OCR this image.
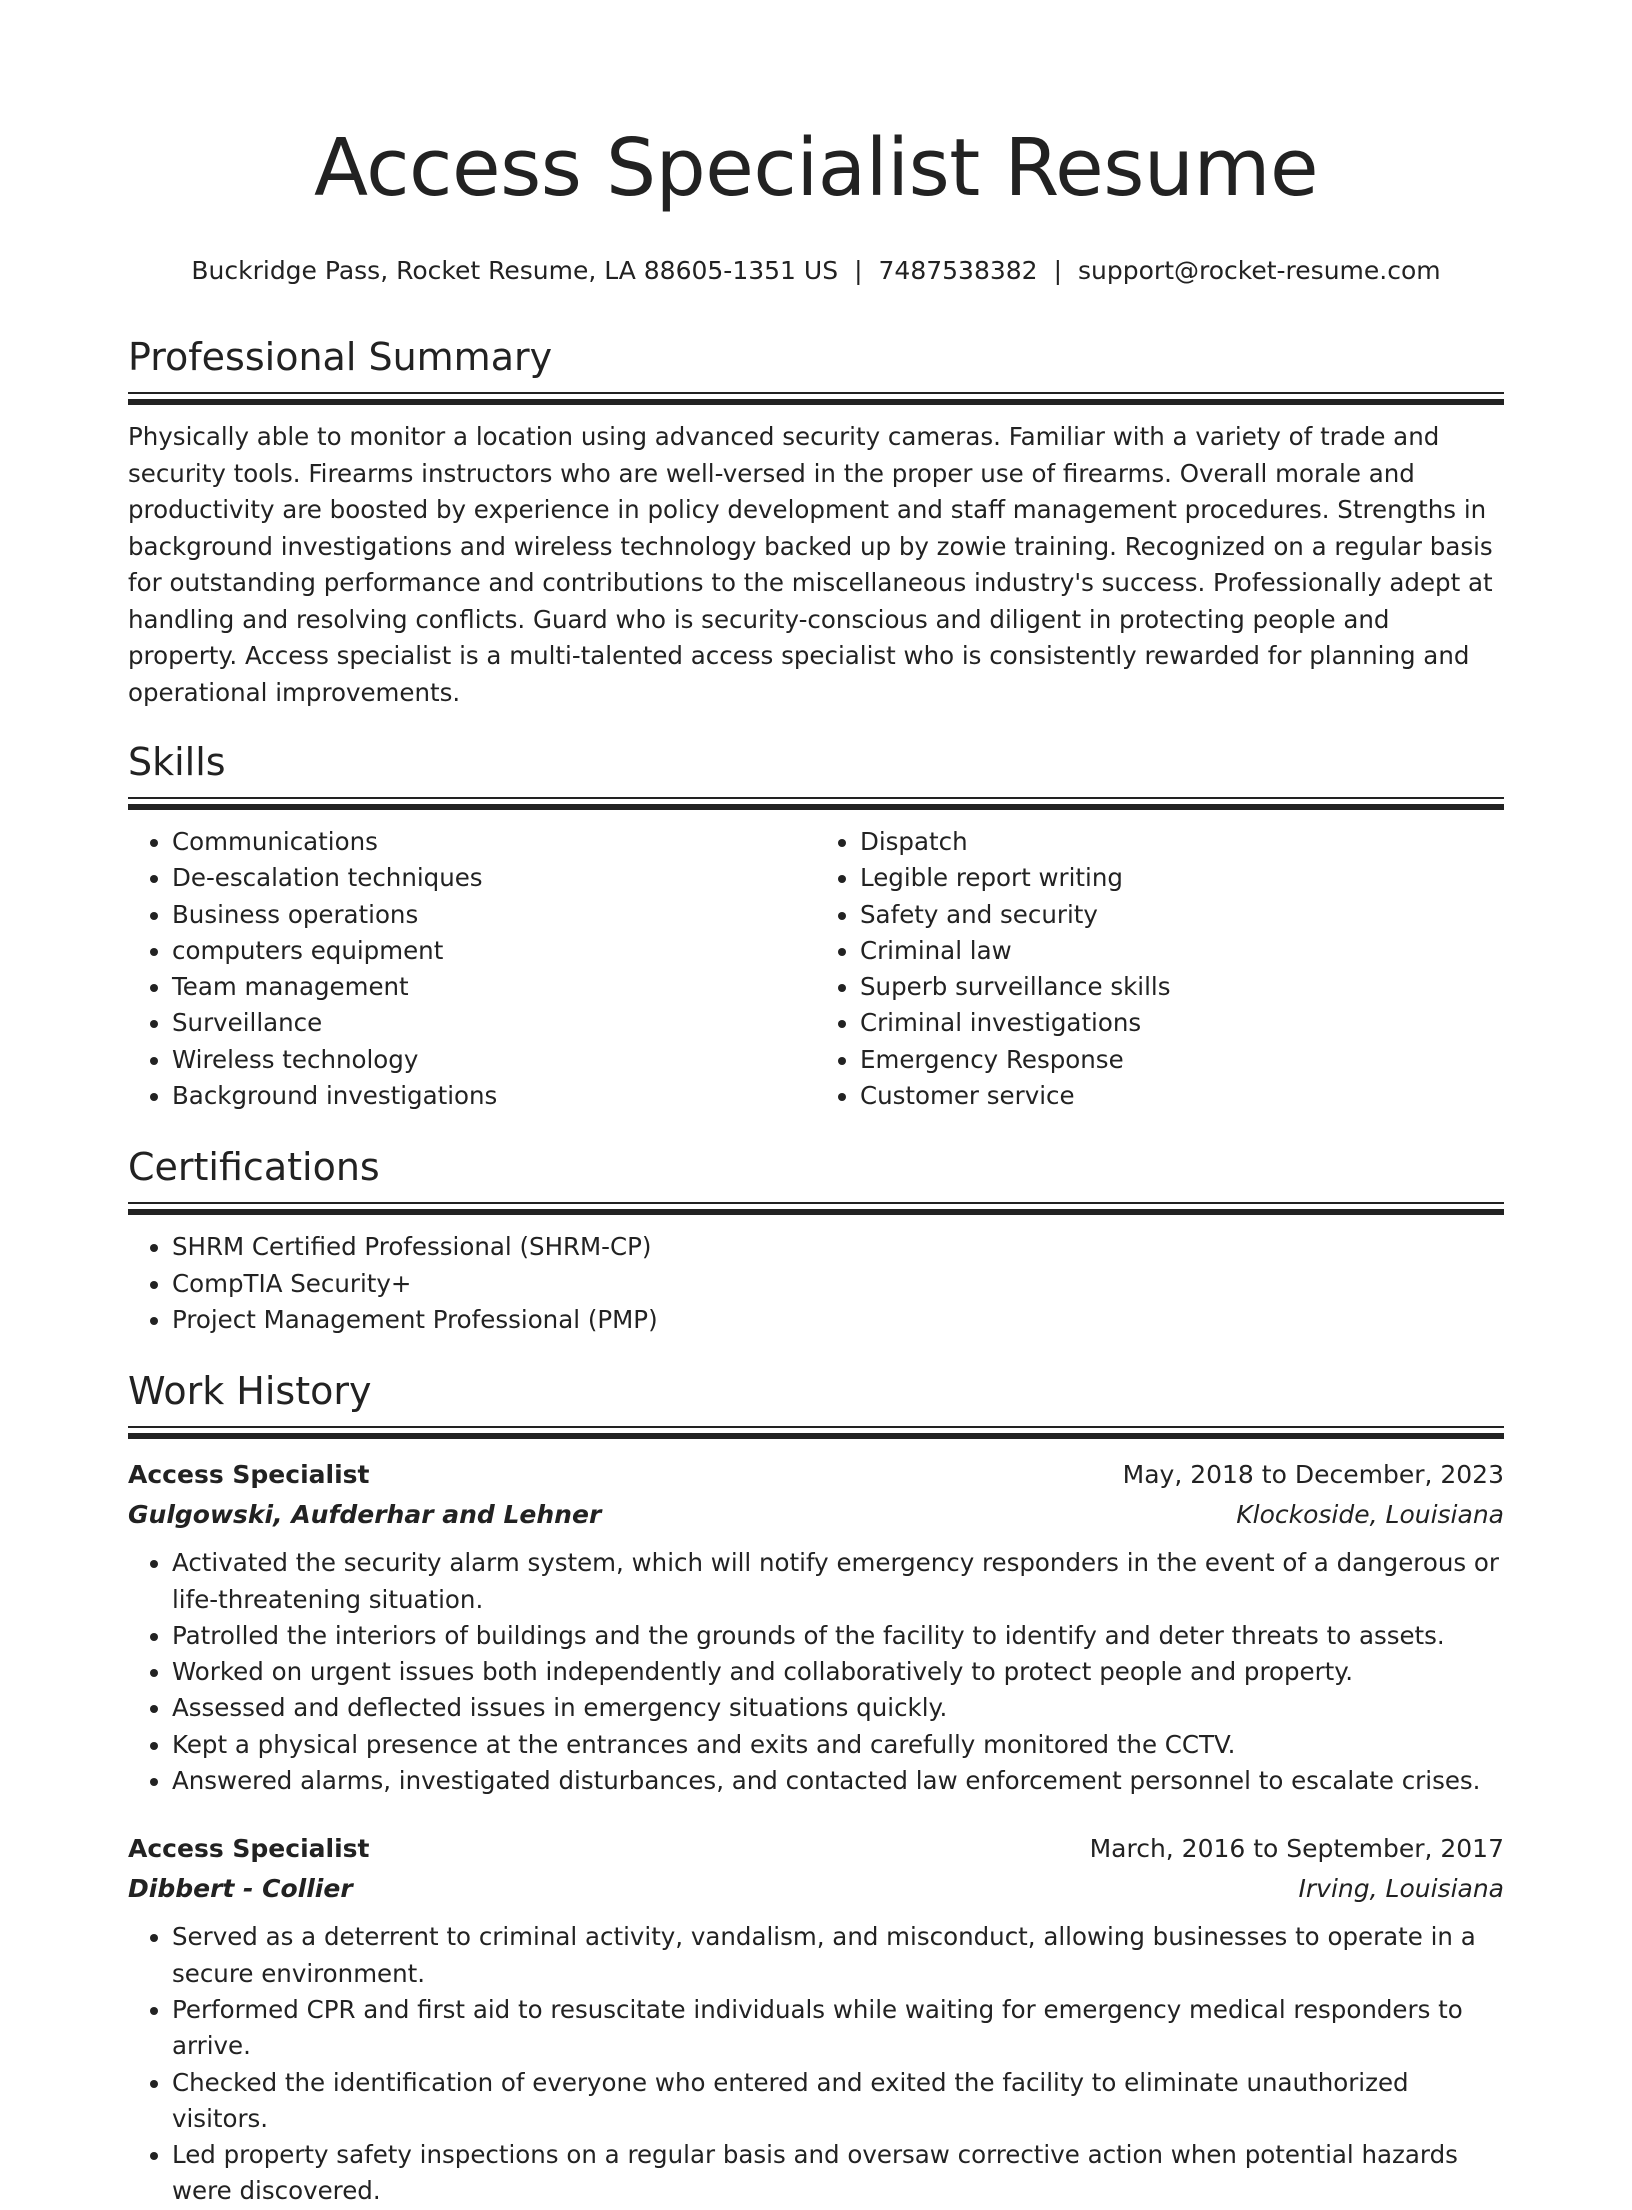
Access Specialist Resume
Buckridge Pass, Rocket Resume, LA 88605-1351 US | 7487538382 | support@rocket-resume.com
Professional Summary

Physically able to monitor a location using advanced security cameras. Familiar with a variety of trade and security tools. Firearms instructors who are well-versed in the proper use of firearms. Overall morale and productivity are boosted by experience in policy development and staff management procedures. Strengths in background investigations and wireless technology backed up by zowie training. Recognized on a regular basis for outstanding performance and contributions to the miscellaneous industry's success. Professionally adept at handling and resolving conflicts. Guard who is security-conscious and diligent in protecting people and property. Access specialist is a multi-talented access specialist who is consistently rewarded for planning and operational improvements.

Skills
• Communications
• De-escalation techniques
• Business operations
• computers equipment
• Team management
• Surveillance
• Wireless technology
• Background investigations
• Dispatch
• Legible report writing
• Safety and security
• Criminal law
• Superb surveillance skills
• Criminal investigations
• Emergency Response
• Customer service
Certifications
• SHRM Certified Professional (SHRM-CP)
• CompTIA Security+
• Project Management Professional (PMP)
Work History
Access Specialist	May, 2018 to December, 2023
Gulgowski, Aufderhar and Lehner	Klockoside, Louisiana
• Activated the security alarm system, which will notify emergency responders in the event of a dangerous or life-threatening situation.
• Patrolled the interiors of buildings and the grounds of the facility to identify and deter threats to assets.
• Worked on urgent issues both independently and collaboratively to protect people and property.
• Assessed and deflected issues in emergency situations quickly.
• Kept a physical presence at the entrances and exits and carefully monitored the CCTV.
• Answered alarms, investigated disturbances, and contacted law enforcement personnel to escalate crises.
Access Specialist	March, 2016 to September, 2017
Dibbert - Collier	Irving, Louisiana
• Served as a deterrent to criminal activity, vandalism, and misconduct, allowing businesses to operate in a secure environment.
• Performed CPR and first aid to resuscitate individuals while waiting for emergency medical responders to arrive.
• Checked the identification of everyone who entered and exited the facility to eliminate unauthorized visitors.
• Led property safety inspections on a regular basis and oversaw corrective action when potential hazards were discovered.
